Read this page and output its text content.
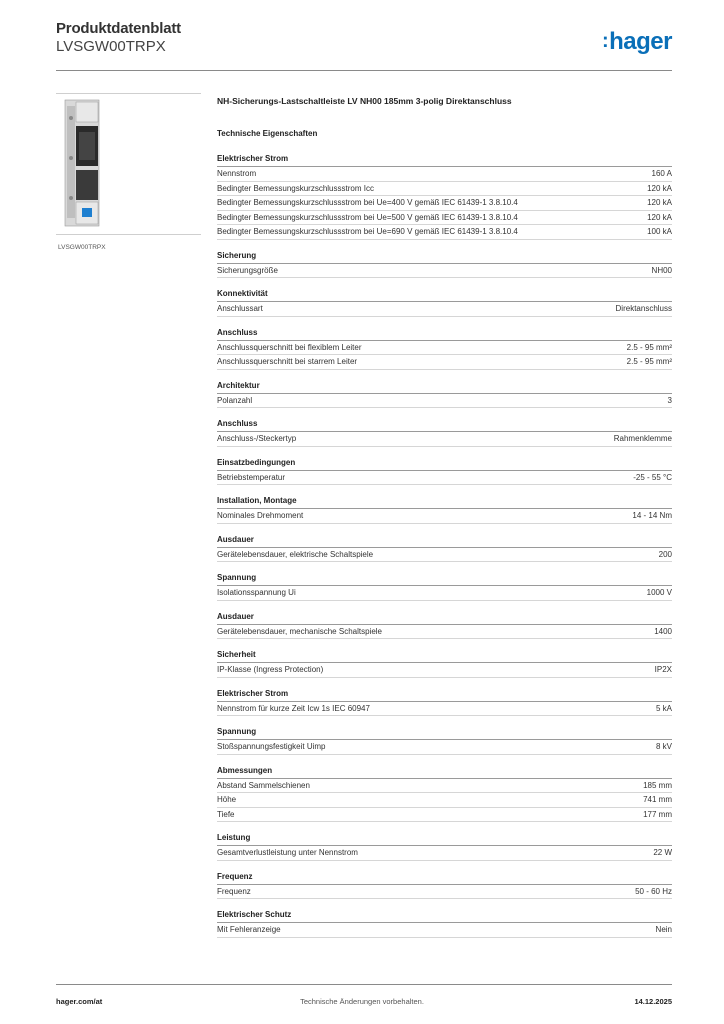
Produktdatenblatt
LVSGW00TRPX	:hager
LVSGW00TRPX
NH-Sicherungs-Lastschaltleiste LV NH00 185mm 3-polig Direktanschluss
Technische Eigenschaften
Elektrischer Strom
Nennstrom	160 A
Bedingter Bemessungskurzschlussstrom Icc	120 kA
Bedingter Bemessungskurzschlussstrom bei Ue=400 V gemäß IEC 61439-1 3.8.10.4	120 kA
Bedingter Bemessungskurzschlussstrom bei Ue=500 V gemäß IEC 61439-1 3.8.10.4	120 kA
Bedingter Bemessungskurzschlussstrom bei Ue=690 V gemäß IEC 61439-1 3.8.10.4	100 kA
Sicherung
Sicherungsgröße	NH00
Konnektivität
Anschlussart	Direktanschluss
Anschluss
Anschlussquerschnitt bei flexiblem Leiter	2.5 - 95 mm²
Anschlussquerschnitt bei starrem Leiter	2.5 - 95 mm²
Architektur
Polanzahl	3
Anschluss
Anschluss-/Steckertyp	Rahmenklemme
Einsatzbedingungen
Betriebstemperatur	-25 - 55 °C
Installation, Montage
Nominales Drehmoment	14 - 14 Nm
Ausdauer
Gerätelebensdauer, elektrische Schaltspiele	200
Spannung
Isolationsspannung Ui	1000 V
Ausdauer
Gerätelebensdauer, mechanische Schaltspiele	1400
Sicherheit
IP-Klasse (Ingress Protection)	IP2X
Elektrischer Strom
Nennstrom für kurze Zeit Icw 1s IEC 60947	5 kA
Spannung
Stoßspannungsfestigkeit Uimp	8 kV
Abmessungen
Abstand Sammelschienen	185 mm
Höhe	741 mm
Tiefe	177 mm
Leistung
Gesamtverlustleistung unter Nennstrom	22 W
Frequenz
Frequenz	50 - 60 Hz
Elektrischer Schutz
Mit Fehleranzeige	Nein
hager.com/at	Technische Änderungen vorbehalten.	14.12.2025
